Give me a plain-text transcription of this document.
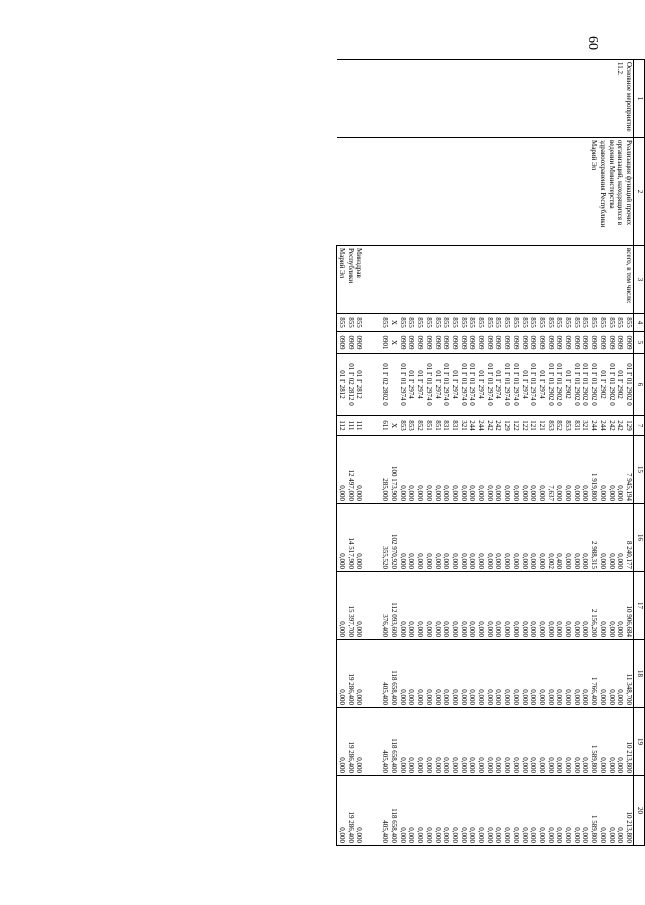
60
1	2	3	4	5	6	7	15	16	17	18	19	20
Основное мероприятие 11.2.	Реализация функций прочих организаций, находящихся в ведении Министерства здравоохранения Республики Марий Эл	всего, в том числе:	855	0909	01 Г 01 2902 0	129	7 945,194	8 240,177	10 906,684	11 348,700	10 213,800	10 213,800
			855	0909	01 Г 2902	242	0,000	0,000	0,000	0,000	0,000	0,000
			855	0909	01 Г 01 2902 0	242	0,000	0,000	0,000	0,000	0,000	0,000
			855	0909	01 Г 2902	244	0,000	0,000	0,000	0,000	0,000	0,000
			855	0909	01 Г 01 2902 0	244	1 919,800	2 988,315	2 156,200	1 766,400	1 589,800	1 589,800
			855	0909	01 Г 01 2902 0	321	0,000	0,000	0,000	0,000	0,000	0,000
			855	0909	01 Г 01 2902 0	831	0,000	0,000	0,000	0,000	0,000	0,000
			855	0909	01 Г 2902	853	0,000	0,000	0,000	0,000	0,000	0,000
			855	0909	01 Г 01 2902 0	852	0,000	0,400	0,000	0,000	0,000	0,000
			855	0909	01 Г 01 2902 0	853	7,637	0,002	0,000	0,000	0,000	0,000
			855	0909	01 Г 2974	121	0,000	0,000	0,000	0,000	0,000	0,000
			855	0909	01 Г 01 2974 0	121	0,000	0,000	0,000	0,000	0,000	0,000
			855	0909	01 Г 2974	122	0,000	0,000	0,000	0,000	0,000	0,000
			855	0909	01 Г 01 2974 0	122	0,000	0,000	0,000	0,000	0,000	0,000
			855	0909	01 Г 01 2974 0	129	0,000	0,000	0,000	0,000	0,000	0,000
			855	0909	01 Г 2974	242	0,000	0,000	0,000	0,000	0,000	0,000
			855	0909	01 Г 01 2974 0	242	0,000	0,000	0,000	0,000	0,000	0,000
			855	0909	01 Г 2974	244	0,000	0,000	0,000	0,000	0,000	0,000
			855	0909	01 Г 01 2974 0	244	0,000	0,000	0,000	0,000	0,000	0,000
			855	0909	01 Г 01 2974 0	321	0,000	0,000	0,000	0,000	0,000	0,000
			855	0909	01 Г 2974	831	0,000	0,000	0,000	0,000	0,000	0,000
			855	0909	01 Г 01 2974 0	831	0,000	0,000	0,000	0,000	0,000	0,000
			855	0909	01 Г 2974	851	0,000	0,000	0,000	0,000	0,000	0,000
			855	0909	01 Г 01 2974 0	851	0,000	0,000	0,000	0,000	0,000	0,000
			855	0909	01 Г 2974	852	0,000	0,000	0,000	0,000	0,000	0,000
			855	0909	01 Г 2974	853	0,000	0,000	0,000	0,000	0,000	0,000
			855	0909	01 Г 01 2974 0	853	0,000	0,000	0,000	0,000	0,000	0,000
			X	X		X	100 173,900	102 970,920	112 093,600	118 658,400	118 658,400	118 658,400
			855	0901	01 Г 02 2802 0	611	285,000	355,520	376,400	405,400	405,400	405,400
		Минздрав	855	0909	01 Г 2812	111	0,000	0,000	0,000	0,000	0,000	0,000
		Республики	855	0909	01 Г 02 2812 0	111	12 497,000	14 517,900	15 397,700	19 286,400	19 286,400	19 286,400
		Марий Эл	855	0909	01 Г 2812	112	0,000	0,000	0,000	0,000	0,000	0,000
